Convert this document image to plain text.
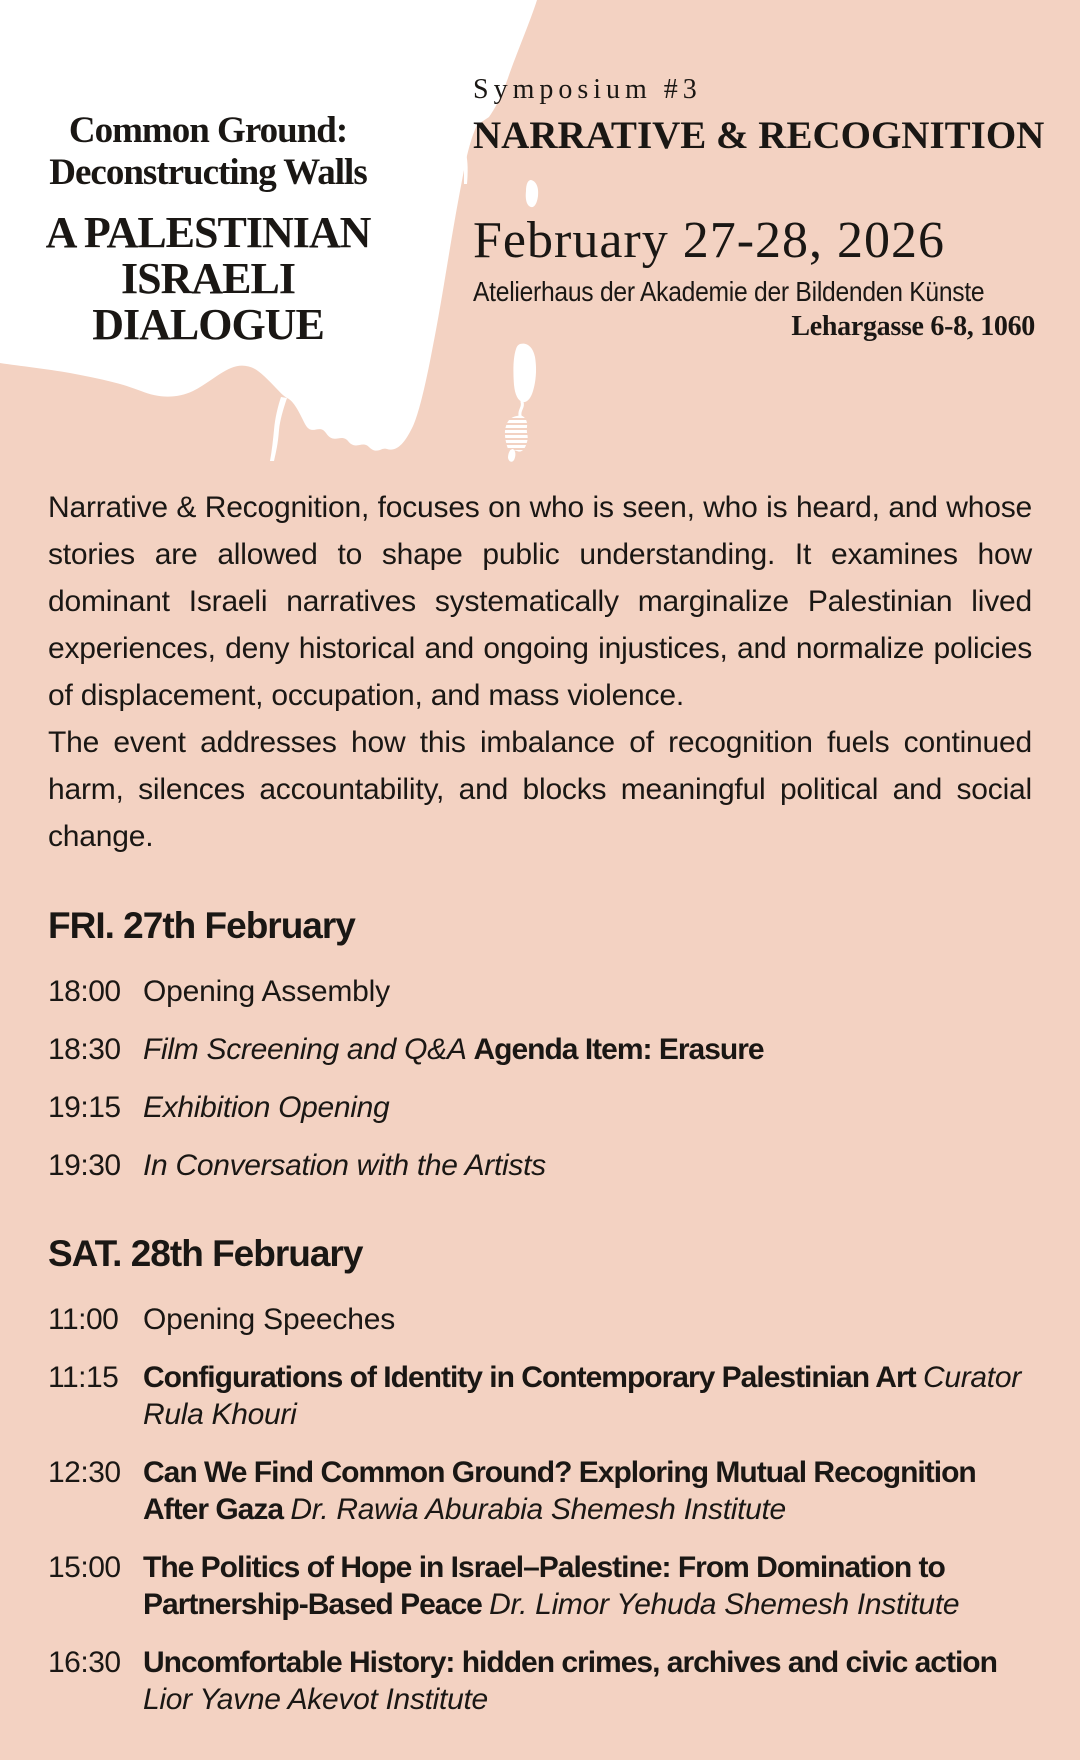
Common Ground:
Deconstructing Walls
A PALESTINIAN
ISRAELI DIALOGUE
Symposium #3
NARRATIVE & RECOGNITION
February 27-28, 2026
Atelierhaus der Akademie der Bildenden Künste
Lehargasse 6-8, 1060

Narrative & Recognition, focuses on who is seen, who is heard, and whose stories are allowed to shape public understanding. It examines how dominant Israeli narratives systematically marginalize Palestinian lived experiences, deny historical and ongoing injustices, and normalize policies of displacement, occupation, and mass violence.

The event addresses how this imbalance of recognition fuels continued harm, silences accountability, and blocks meaningful political and social change.

FRI. 27th February
18:00 Opening Assembly
18:30 Film Screening and Q&A Agenda Item: Erasure
19:15 Exhibition Opening
19:30 In Conversation with the Artists
SAT. 28th February
11:00 Opening Speeches
11:15 Configurations of Identity in Contemporary Palestinian Art Curator Rula Khouri
12:30 Can We Find Common Ground? Exploring Mutual Recognition After Gaza Dr. Rawia Aburabia Shemesh Institute
15:00 The Politics of Hope in Israel–Palestine: From Domination to Partnership-Based Peace Dr. Limor Yehuda Shemesh Institute
16:30 Uncomfortable History: hidden crimes, archives and civic action Lior Yavne Akevot Institute
